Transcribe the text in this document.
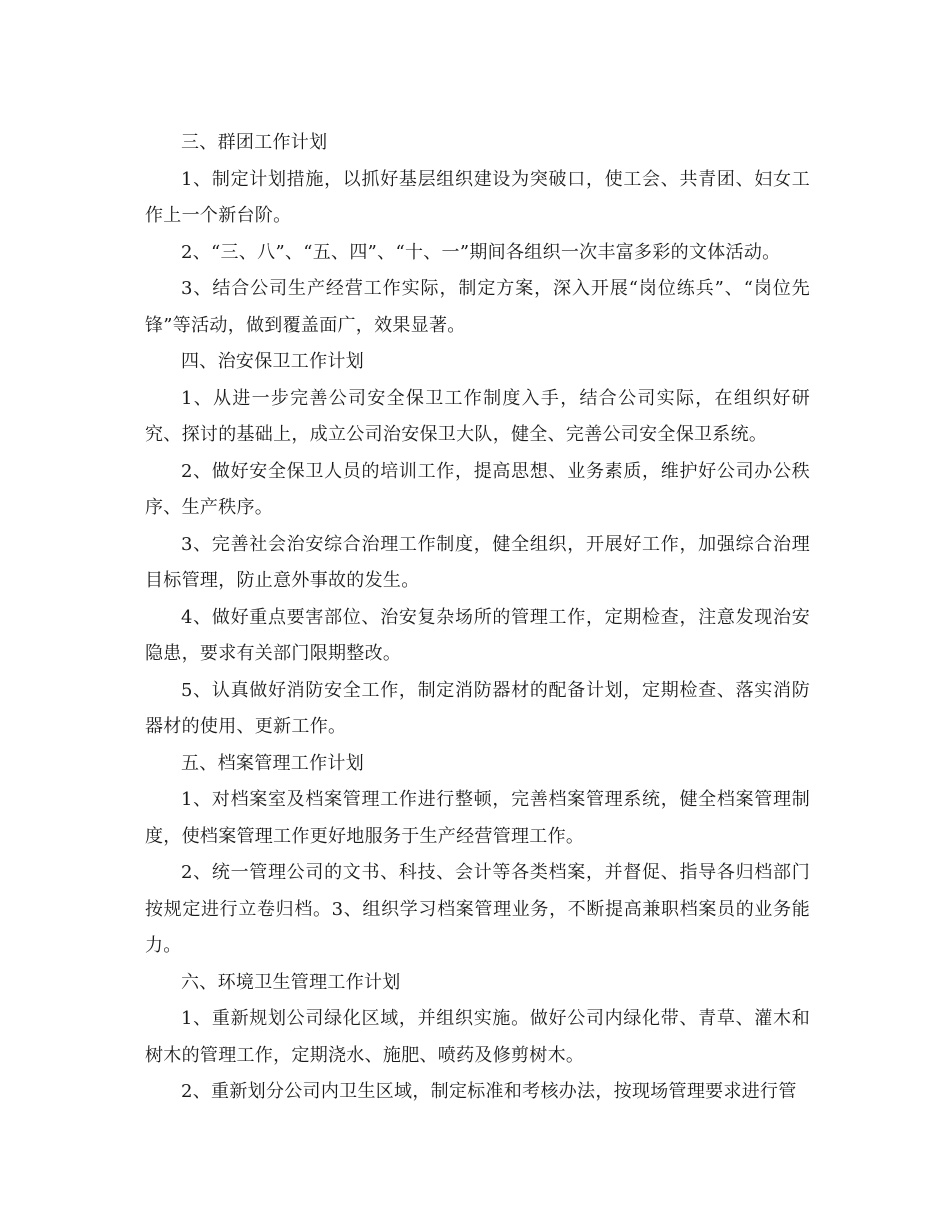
三、群团工作计划

1、制定计划措施，以抓好基层组织建设为突破口，使工会、共青团、妇女工作上一个新台阶。

2、“三、八”、“五、四”、“十、一”期间各组织一次丰富多彩的文体活动。

3、结合公司生产经营工作实际，制定方案，深入开展“岗位练兵”、“岗位先锋”等活动，做到覆盖面广，效果显著。

四、治安保卫工作计划

1、从进一步完善公司安全保卫工作制度入手，结合公司实际，在组织好研究、探讨的基础上，成立公司治安保卫大队，健全、完善公司安全保卫系统。

2、做好安全保卫人员的培训工作，提高思想、业务素质，维护好公司办公秩序、生产秩序。

3、完善社会治安综合治理工作制度，健全组织，开展好工作，加强综合治理目标管理，防止意外事故的发生。

4、做好重点要害部位、治安复杂场所的管理工作，定期检查，注意发现治安隐患，要求有关部门限期整改。

5、认真做好消防安全工作，制定消防器材的配备计划，定期检查、落实消防器材的使用、更新工作。

五、档案管理工作计划

1、对档案室及档案管理工作进行整顿，完善档案管理系统，健全档案管理制度，使档案管理工作更好地服务于生产经营管理工作。

2、统一管理公司的文书、科技、会计等各类档案，并督促、指导各归档部门按规定进行立卷归档。3、组织学习档案管理业务，不断提高兼职档案员的业务能力。

六、环境卫生管理工作计划

1、重新规划公司绿化区域，并组织实施。做好公司内绿化带、青草、灌木和树木的管理工作，定期浇水、施肥、喷药及修剪树木。

2、重新划分公司内卫生区域，制定标准和考核办法，按现场管理要求进行管
